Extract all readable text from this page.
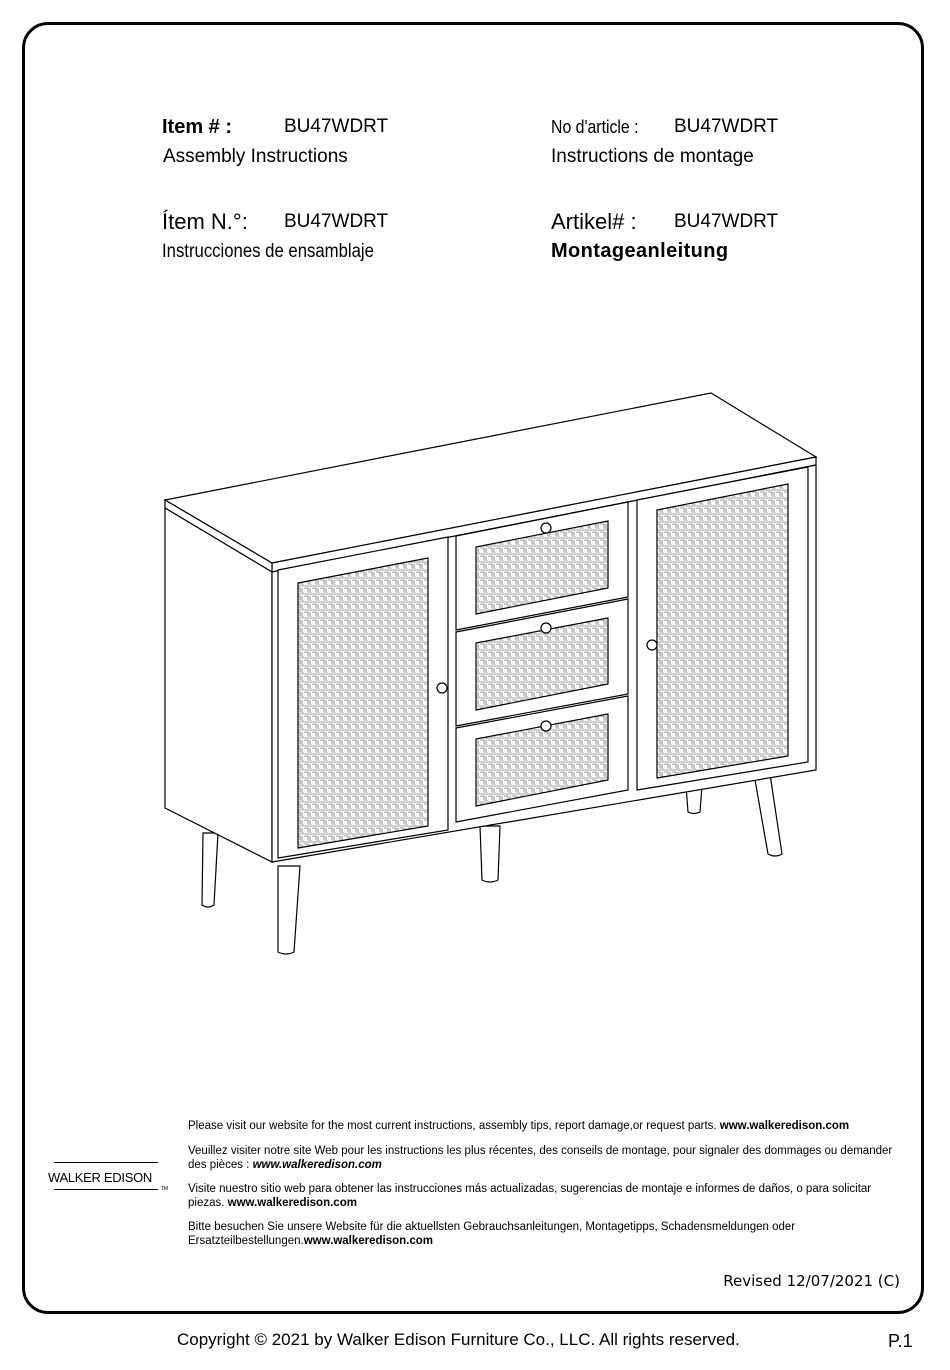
Item # :	BU47WDRT
Assembly Instructions
No d'article : BU47WDRT
Instructions de montage
Ítem N.°: BU47WDRT
Instrucciones de ensamblaje
Artikel# : BU47WDRT
Montageanleitung
Please visit our website for the most current instructions, assembly tips, report damage,or request parts. www.walkeredison.com
Veuillez visiter notre site Web pour les instructions les plus récentes, des conseils de montage, pour signaler des dommages ou demander des pièces : www.walkeredison.com
Visite nuestro sitio web para obtener las instrucciones más actualizadas, sugerencias de montaje e informes de daños, o para solicitar piezas. www.walkeredison.com
Bitte besuchen Sie unsere Website für die aktuellsten Gebrauchsanleitungen, Montagetipps, Schadensmeldungen oder Ersatzteilbestellungen.www.walkeredison.com
WALKER EDISON
TM
Revised 12/07/2021 (C)
Copyright © 2021 by Walker Edison Furniture Co., LLC. All rights reserved.	P.1
